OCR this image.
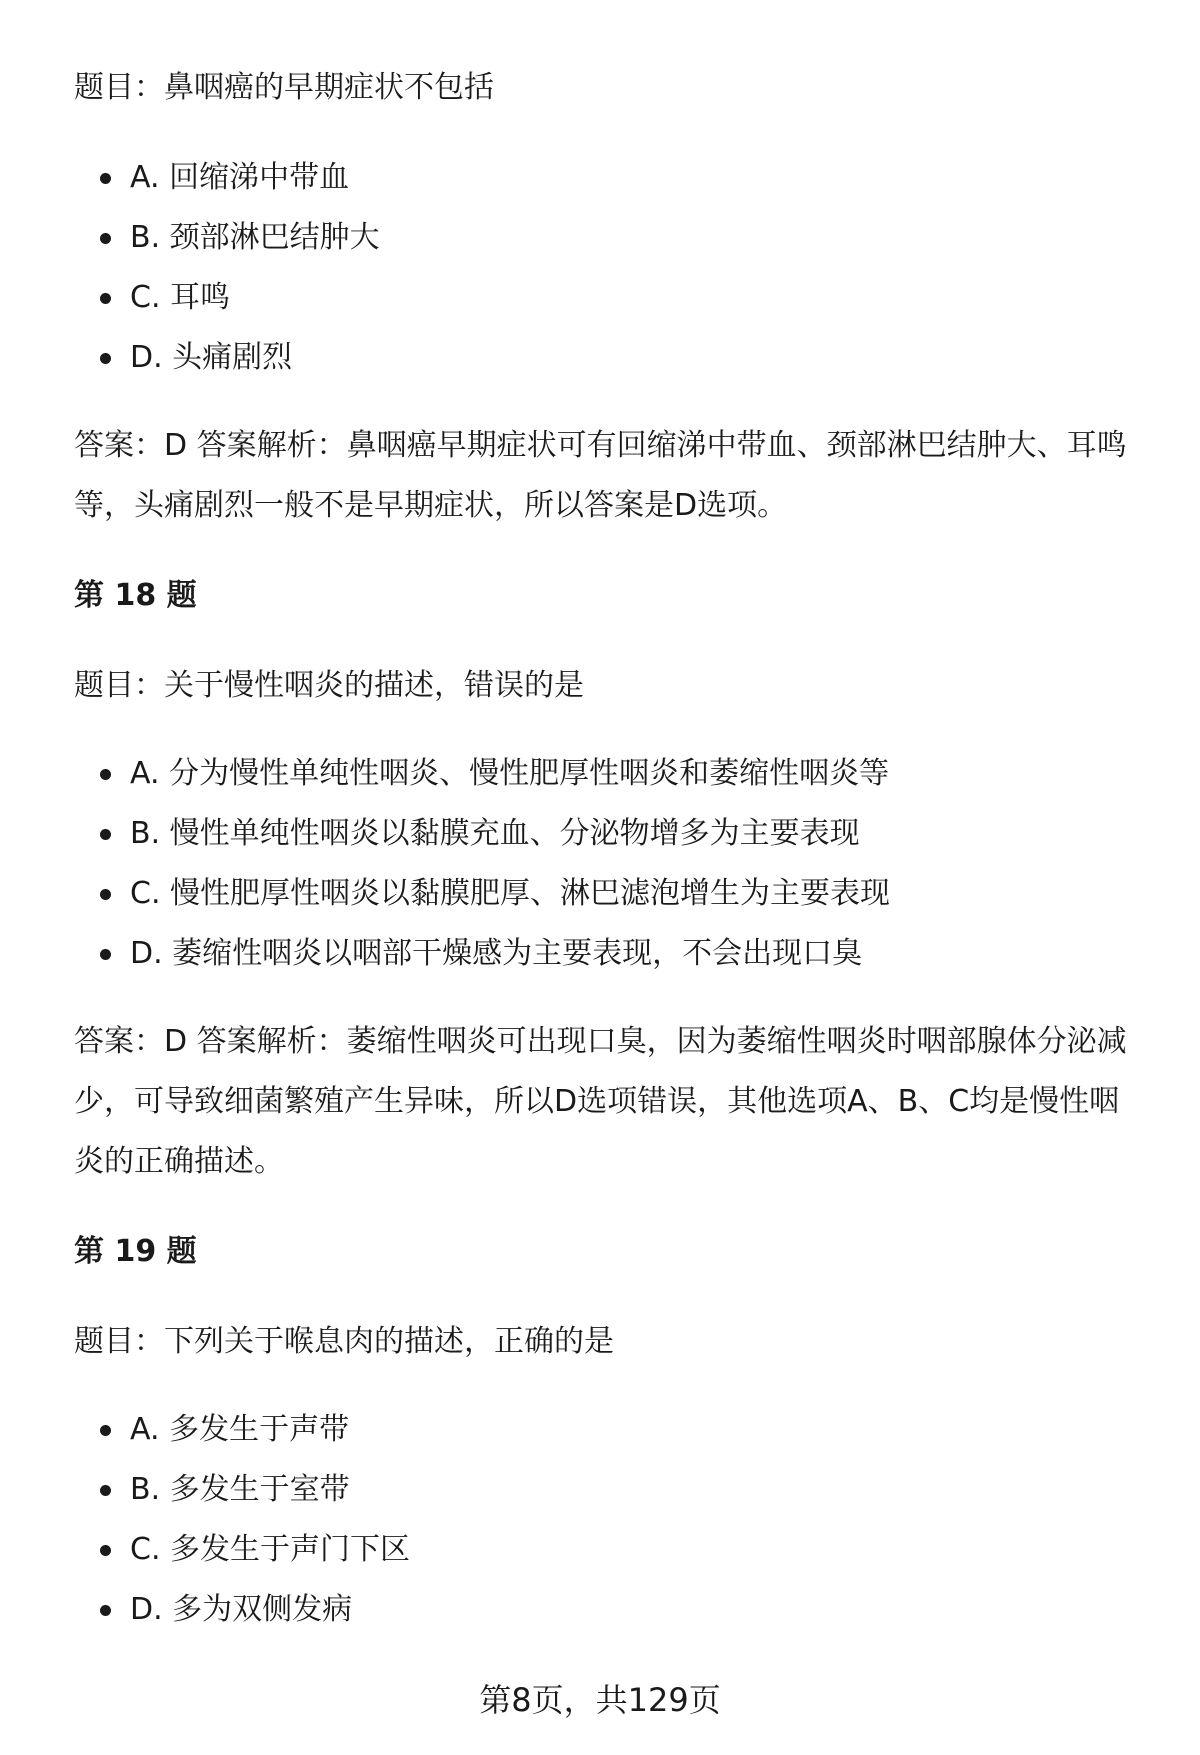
题目：鼻咽癌的早期症状不包括
A. 回缩涕中带血
B. 颈部淋巴结肿大
C. 耳鸣
D. 头痛剧烈
答案：D 答案解析：鼻咽癌早期症状可有回缩涕中带血、颈部淋巴结肿大、耳鸣等，头痛剧烈一般不是早期症状，所以答案是D选项。
第 18 题
题目：关于慢性咽炎的描述，错误的是
A. 分为慢性单纯性咽炎、慢性肥厚性咽炎和萎缩性咽炎等
B. 慢性单纯性咽炎以黏膜充血、分泌物增多为主要表现
C. 慢性肥厚性咽炎以黏膜肥厚、淋巴滤泡增生为主要表现
D. 萎缩性咽炎以咽部干燥感为主要表现，不会出现口臭
答案：D 答案解析：萎缩性咽炎可出现口臭，因为萎缩性咽炎时咽部腺体分泌减少，可导致细菌繁殖产生异味，所以D选项错误，其他选项A、B、C均是慢性咽炎的正确描述。
第 19 题
题目：下列关于喉息肉的描述，正确的是
A. 多发生于声带
B. 多发生于室带
C. 多发生于声门下区
D. 多为双侧发病
第8页，共129页
